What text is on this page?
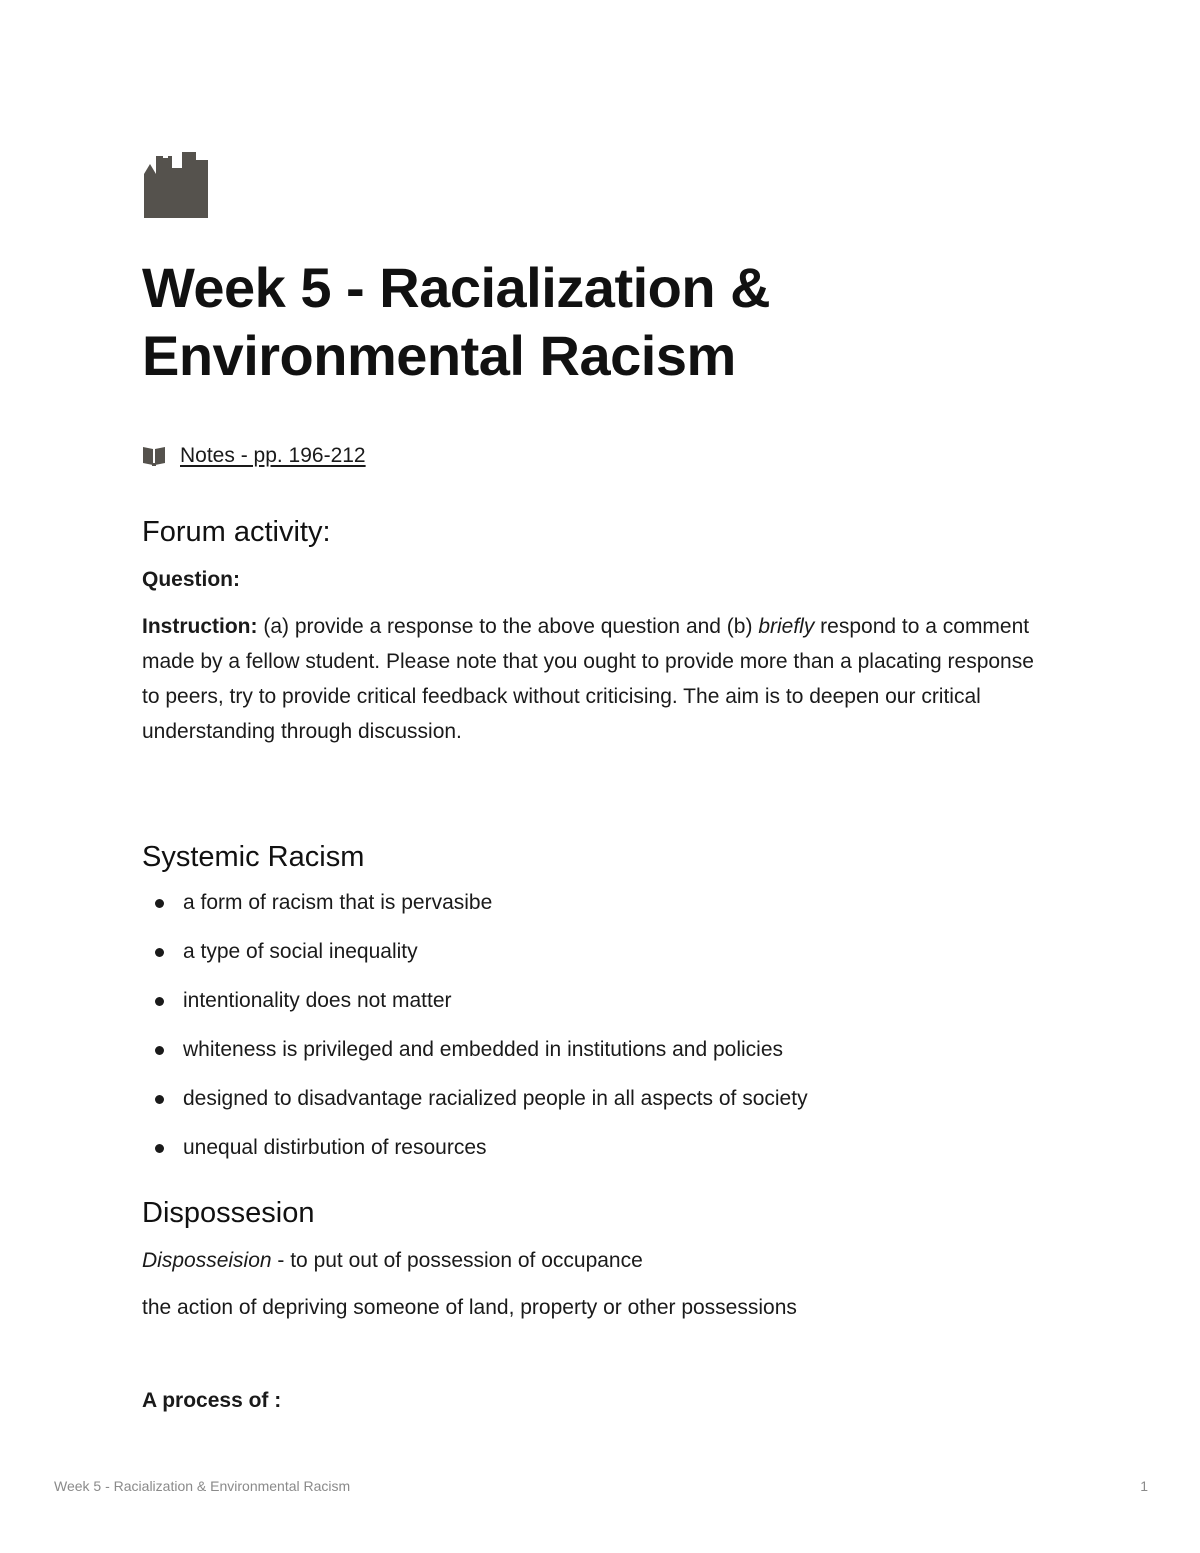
Week 5 - Racialization &
Environmental Racism
Notes - pp. 196-212
Forum activity:

Question:

Instruction: (a) provide a response to the above question and (b) briefly respond to a comment made by a fellow student. Please note that you ought to provide more than a placating response to peers, try to provide critical feedback without criticising. The aim is to deepen our critical understanding through discussion.

Systemic Racism
a form of racism that is pervasibe
a type of social inequality
intentionality does not matter
whiteness is privileged and embedded in institutions and policies
designed to disadvantage racialized people in all aspects of society
unequal distirbution of resources
Dispossesion

Disposseision - to put out of possession of occupance

the action of depriving someone of land, property or other possessions

A process of :

Week 5 - Racialization & Environmental Racism	1
